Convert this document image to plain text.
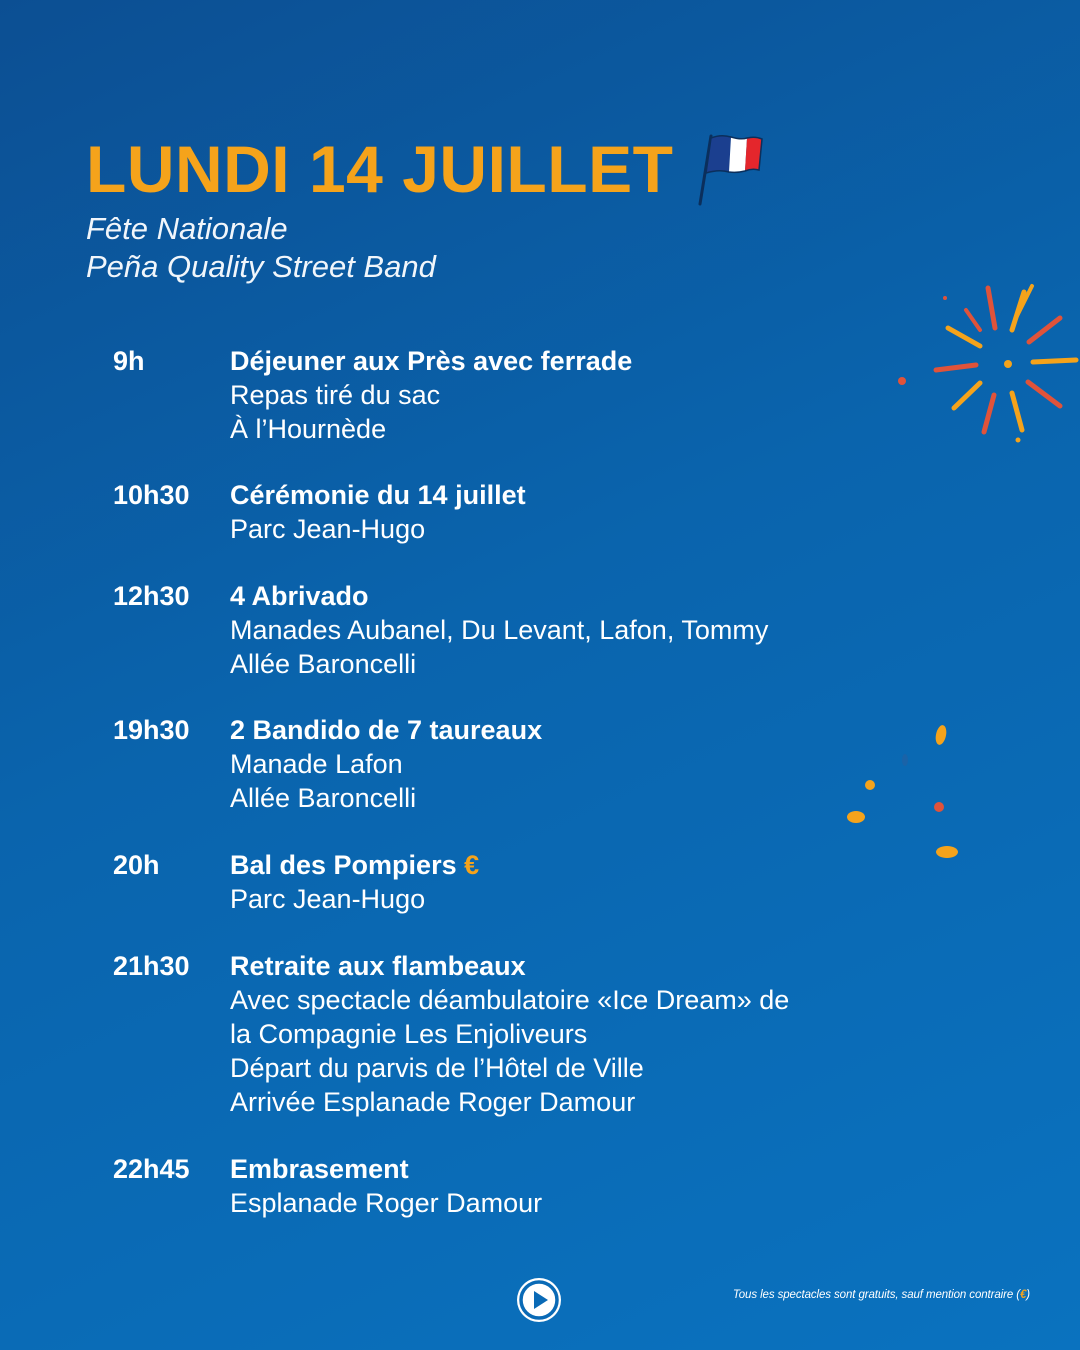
LUNDI 14 JUILLET
Fête Nationale
Peña Quality Street Band
9h	Déjeuner aux Près avec ferrade
Repas tiré du sac
À l’Hournède
10h30	Cérémonie du 14 juillet
Parc Jean-Hugo
12h30	4 Abrivado
Manades Aubanel, Du Levant, Lafon, Tommy
Allée Baroncelli
19h30	2 Bandido de 7 taureaux
Manade Lafon
Allée Baroncelli
20h	Bal des Pompiers €
Parc Jean-Hugo
21h30	Retraite aux flambeaux
Avec spectacle déambulatoire «Ice Dream» de
la Compagnie Les Enjoliveurs
Départ du parvis de l’Hôtel de Ville
Arrivée Esplanade Roger Damour
22h45	Embrasement
Esplanade Roger Damour
Tous les spectacles sont gratuits, sauf mention contraire (€)
